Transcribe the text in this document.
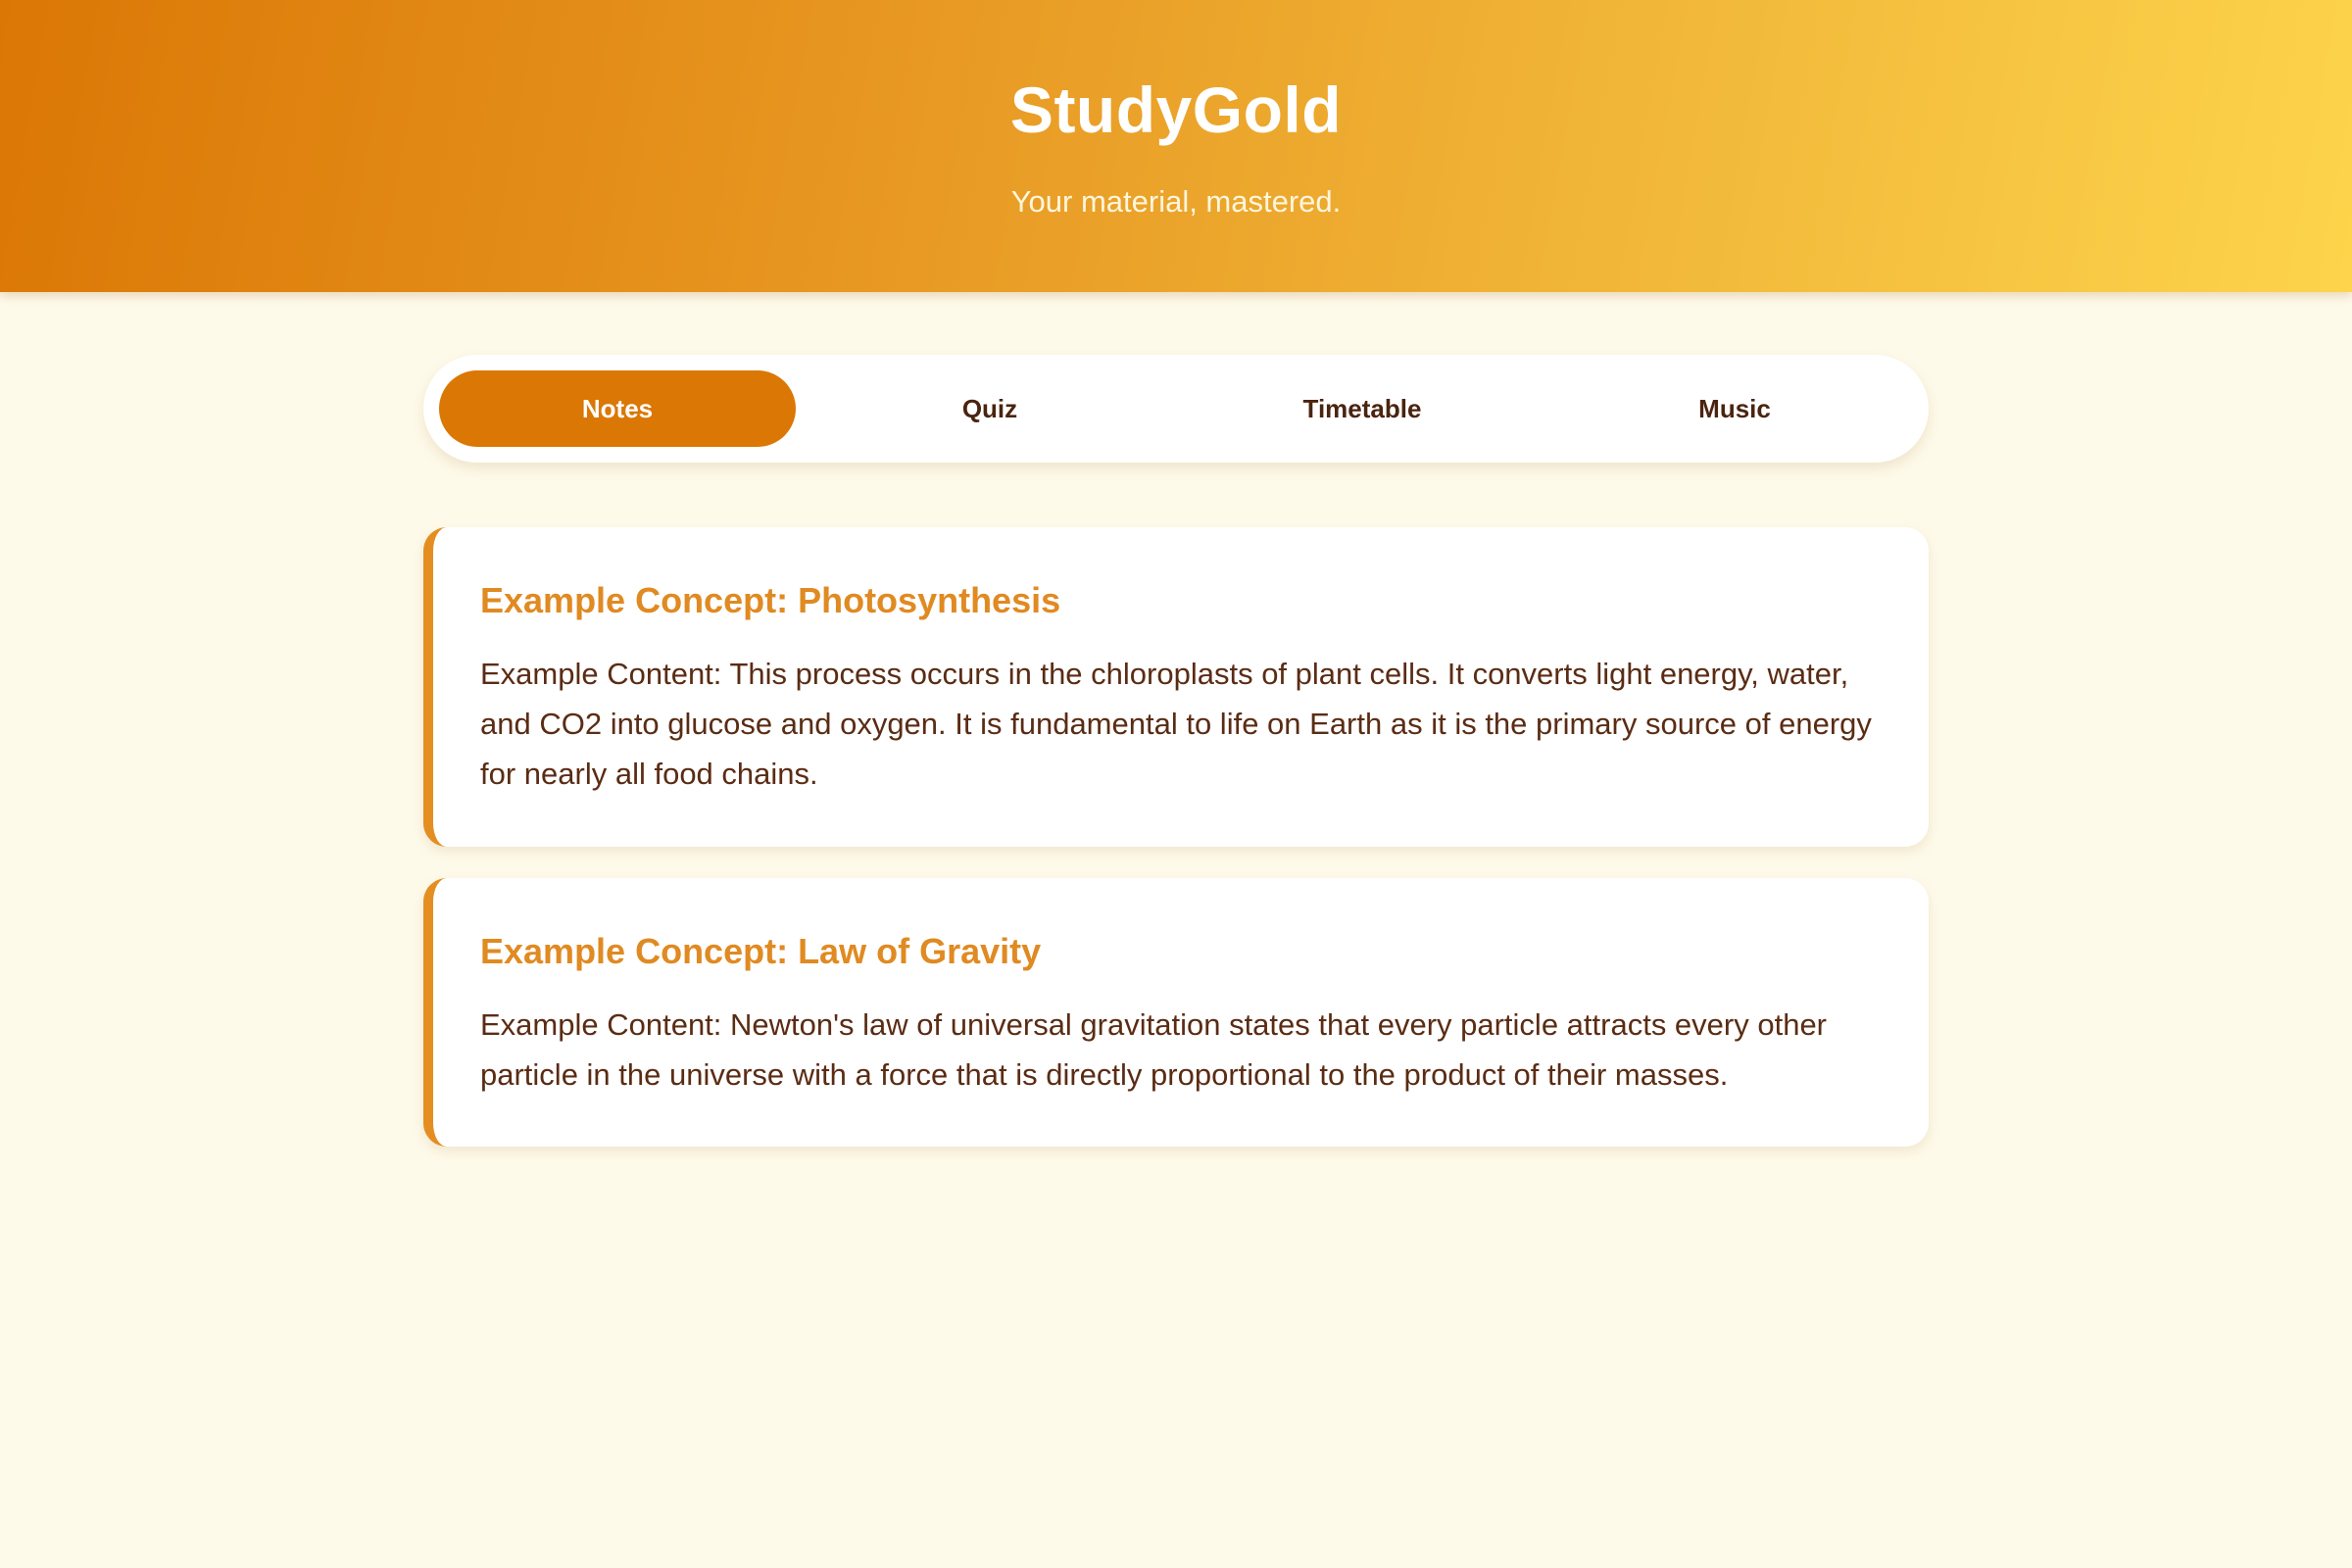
StudyGold
Your material, mastered.
Notes	Quiz	Timetable	Music
Example Concept: Photosynthesis

Example Content: This process occurs in the chloroplasts of plant cells. It converts light energy, water, and CO2 into glucose and oxygen. It is fundamental to life on Earth as it is the primary source of energy for nearly all food chains.

Example Concept: Law of Gravity

Example Content: Newton's law of universal gravitation states that every particle attracts every other particle in the universe with a force that is directly proportional to the product of their masses.
